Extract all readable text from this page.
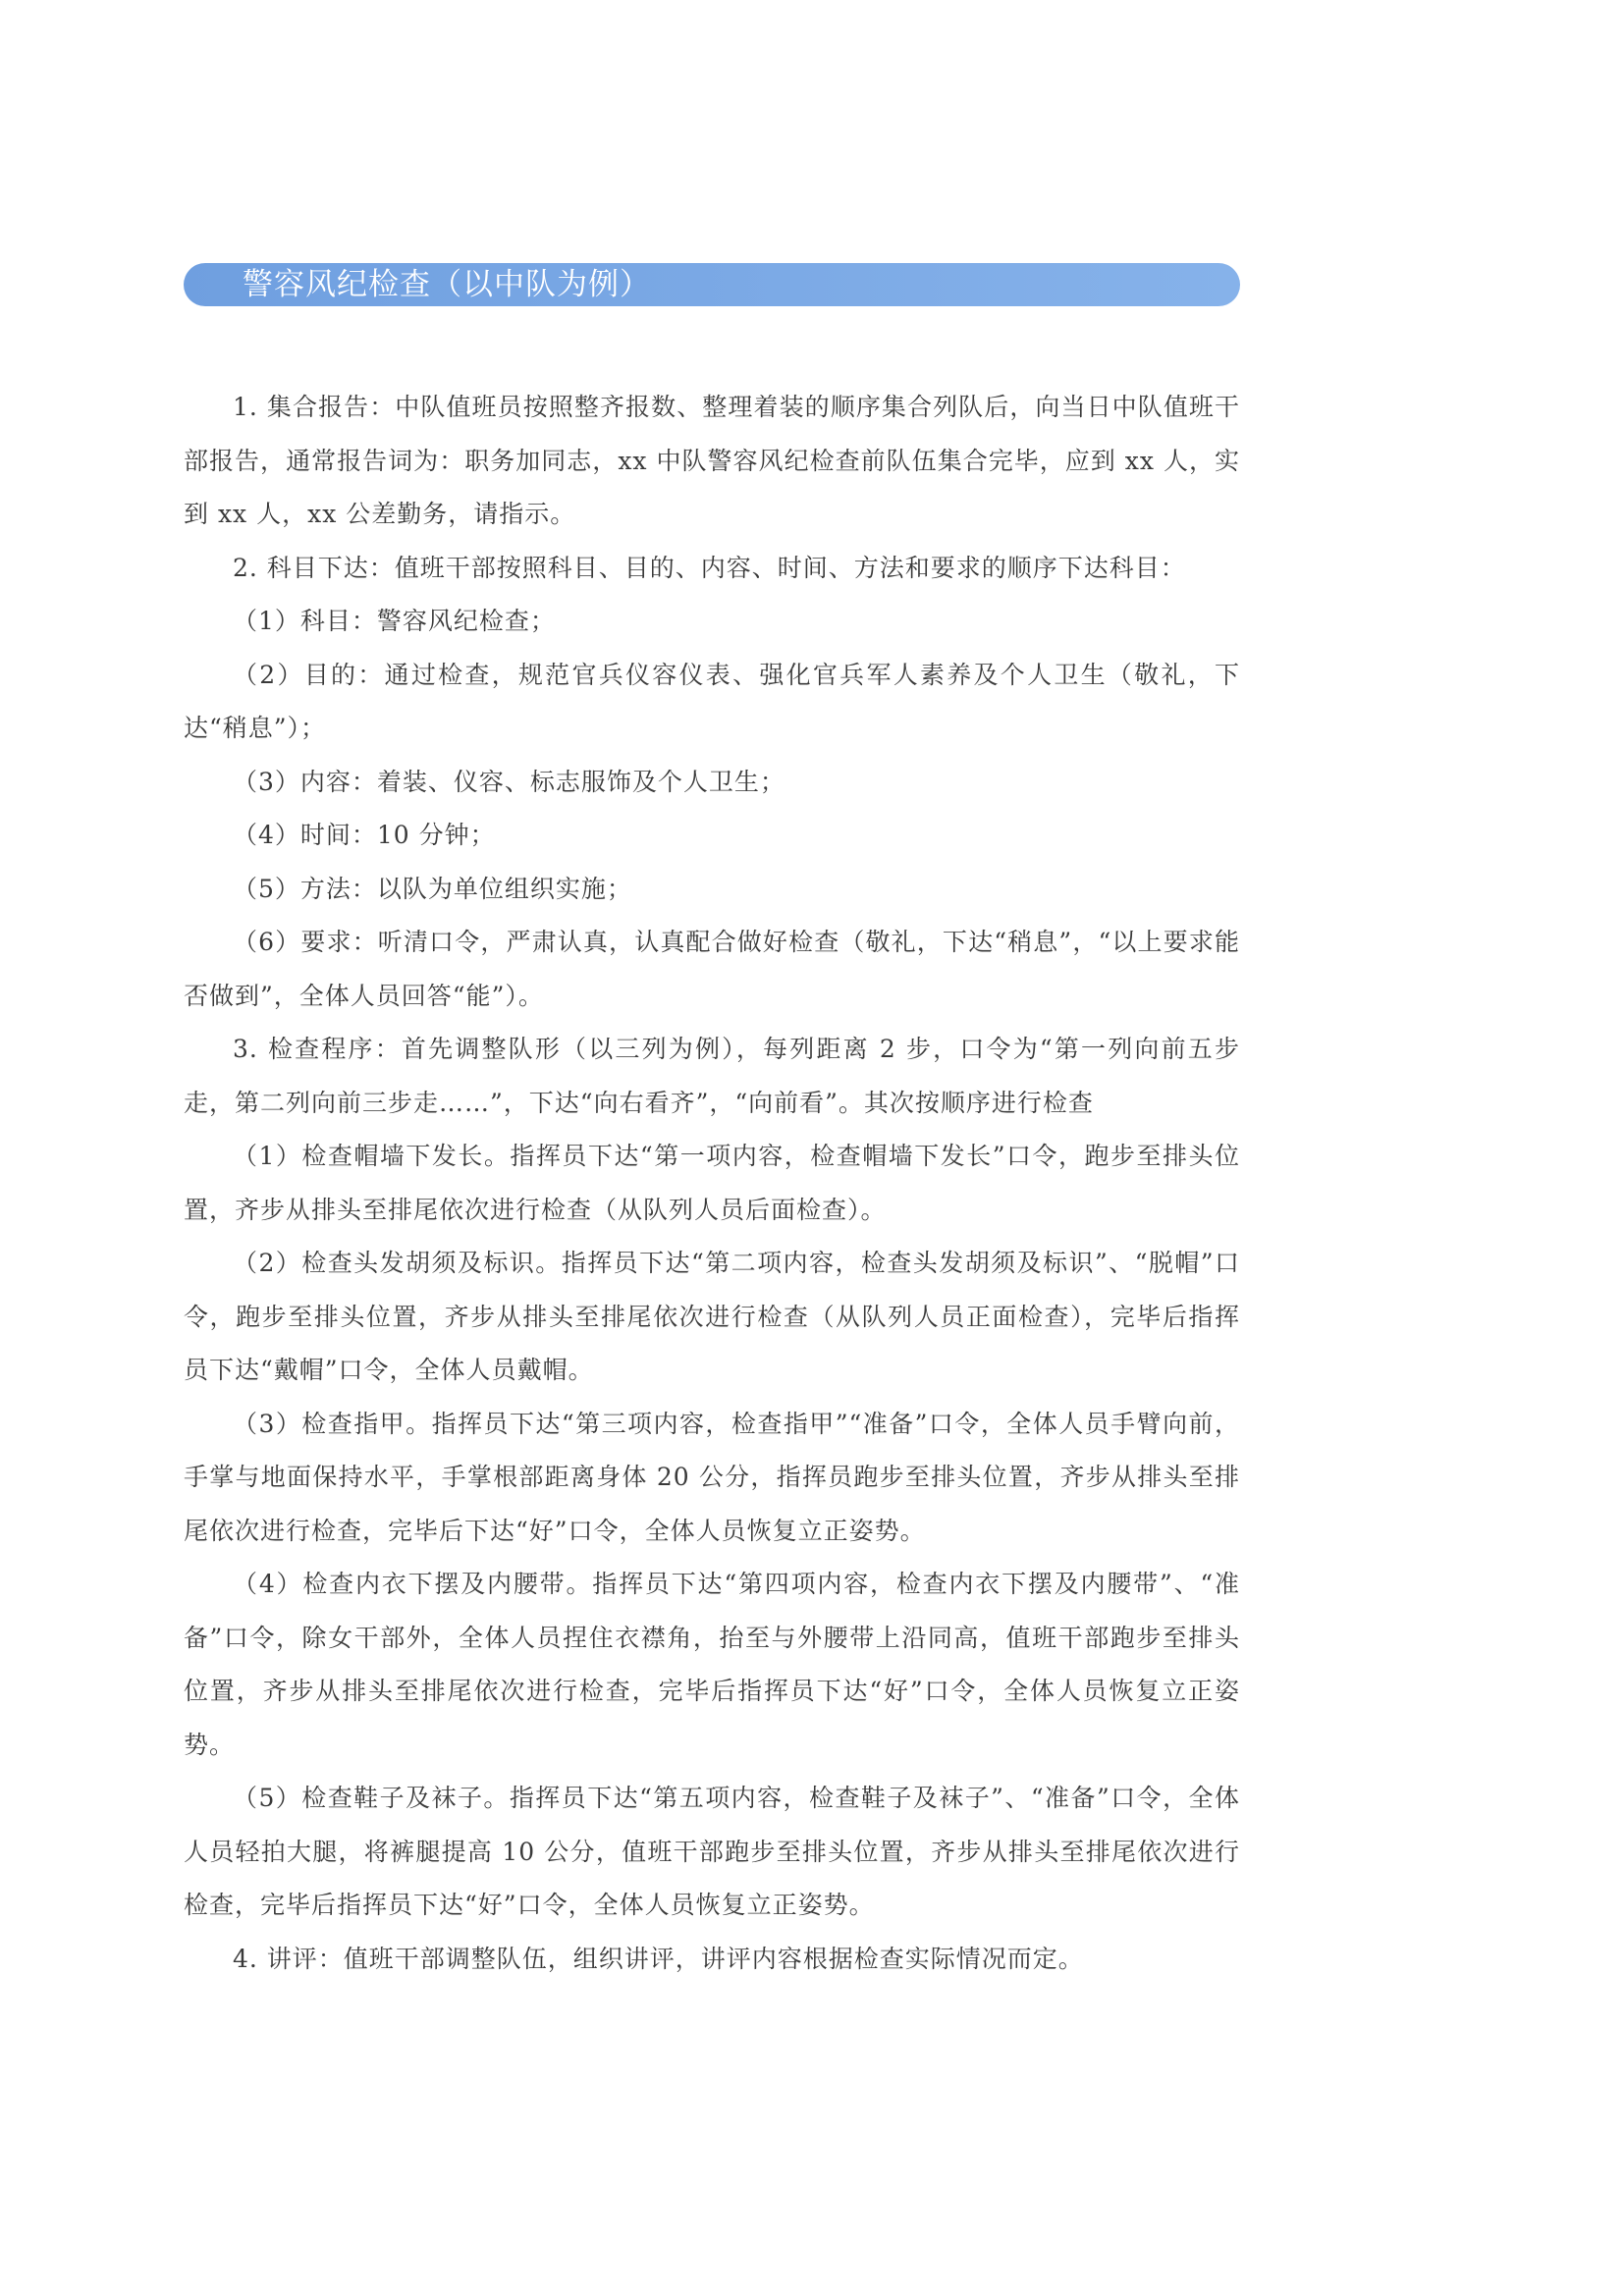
警容风纪检查（以中队为例）

1. 集合报告：中队值班员按照整齐报数、整理着装的顺序集合列队后，向当日中队值班干部报告，通常报告词为：职务加同志，xx 中队警容风纪检查前队伍集合完毕，应到 xx 人，实到 xx 人，xx 公差勤务，请指示。

2. 科目下达：值班干部按照科目、目的、内容、时间、方法和要求的顺序下达科目：

（1）科目：警容风纪检查；

（2）目的：通过检查，规范官兵仪容仪表、强化官兵军人素养及个人卫生（敬礼，下达“稍息”）；

（3）内容：着装、仪容、标志服饰及个人卫生；

（4）时间：10 分钟；

（5）方法：以队为单位组织实施；

（6）要求：听清口令，严肃认真，认真配合做好检查（敬礼，下达“稍息”，“以上要求能否做到”，全体人员回答“能”）。

3. 检查程序：首先调整队形（以三列为例），每列距离 2 步，口令为“第一列向前五步走，第二列向前三步走……”，下达“向右看齐”，“向前看”。其次按顺序进行检查

（1）检查帽墙下发长。指挥员下达“第一项内容，检查帽墙下发长”口令，跑步至排头位置，齐步从排头至排尾依次进行检查（从队列人员后面检查）。

（2）检查头发胡须及标识。指挥员下达“第二项内容，检查头发胡须及标识”、“脱帽”口令，跑步至排头位置，齐步从排头至排尾依次进行检查（从队列人员正面检查），完毕后指挥员下达“戴帽”口令，全体人员戴帽。

（3）检查指甲。指挥员下达“第三项内容，检查指甲”“准备”口令，全体人员手臂向前，手掌与地面保持水平，手掌根部距离身体 20 公分，指挥员跑步至排头位置，齐步从排头至排尾依次进行检查，完毕后下达“好”口令，全体人员恢复立正姿势。

（4）检查内衣下摆及内腰带。指挥员下达“第四项内容，检查内衣下摆及内腰带”、“准备”口令，除女干部外，全体人员捏住衣襟角，抬至与外腰带上沿同高，值班干部跑步至排头位置，齐步从排头至排尾依次进行检查，完毕后指挥员下达“好”口令，全体人员恢复立正姿势。

（5）检查鞋子及袜子。指挥员下达“第五项内容，检查鞋子及袜子”、“准备”口令，全体人员轻拍大腿，将裤腿提高 10 公分，值班干部跑步至排头位置，齐步从排头至排尾依次进行检查，完毕后指挥员下达“好”口令，全体人员恢复立正姿势。

4. 讲评：值班干部调整队伍，组织讲评，讲评内容根据检查实际情况而定。
